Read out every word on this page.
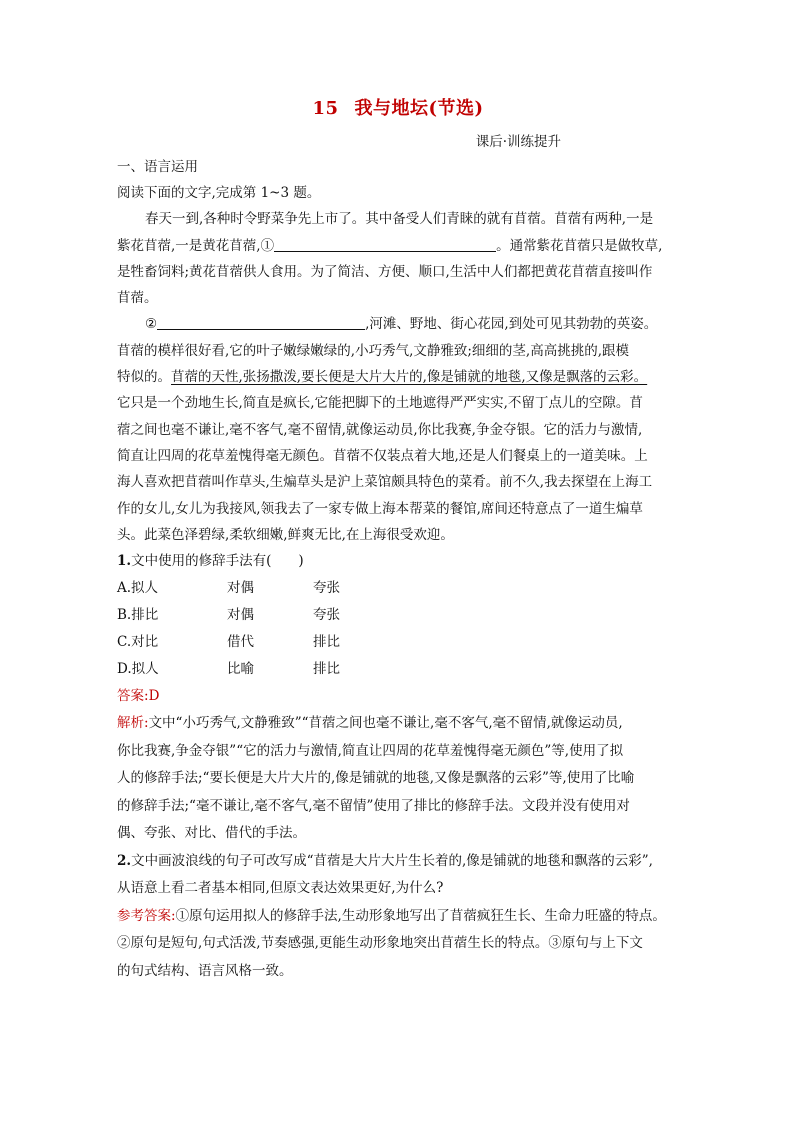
15 我与地坛(节选)
课后·训练提升
一、语言运用
阅读下面的文字,完成第 1~3 题。
春天一到,各种时令野菜争先上市了。其中备受人们青睐的就有苜蓿。苜蓿有两种,一是
紫花苜蓿,一是黄花苜蓿,①	。通常紫花苜蓿只是做牧草,
是牲畜饲料;黄花苜蓿供人食用。为了简洁、方便、顺口,生活中人们都把黄花苜蓿直接叫作
苜蓿。
②	,河滩、野地、街心花园,到处可见其勃勃的英姿。
苜蓿的模样很好看,它的叶子嫩绿嫩绿的,小巧秀气,文静雅致;细细的茎,高高挑挑的,跟模
特似的。苜蓿的天性,张扬撒泼,要长便是大片大片的,像是铺就的地毯,又像是飘落的云彩。
它只是一个劲地生长,简直是疯长,它能把脚下的土地遮得严严实实,不留丁点儿的空隙。苜
蓿之间也毫不谦让,毫不客气,毫不留情,就像运动员,你比我赛,争金夺银。它的活力与激情,
简直让四周的花草羞愧得毫无颜色。苜蓿不仅装点着大地,还是人们餐桌上的一道美味。上
海人喜欢把苜蓿叫作草头,生煸草头是沪上菜馆颇具特色的菜肴。前不久,我去探望在上海工
作的女儿,女儿为我接风,领我去了一家专做上海本帮菜的餐馆,席间还特意点了一道生煸草
头。此菜色泽碧绿,柔软细嫩,鲜爽无比,在上海很受欢迎。
1.文中使用的修辞手法有(　　)
A.拟人	对偶	夸张
B.排比	对偶	夸张
C.对比	借代	排比
D.拟人	比喻	排比
答案:D
解析:文中“小巧秀气,文静雅致”“苜蓿之间也毫不谦让,毫不客气,毫不留情,就像运动员,
你比我赛,争金夺银”“它的活力与激情,简直让四周的花草羞愧得毫无颜色”等,使用了拟
人的修辞手法;“要长便是大片大片的,像是铺就的地毯,又像是飘落的云彩”等,使用了比喻
的修辞手法;“毫不谦让,毫不客气,毫不留情”使用了排比的修辞手法。文段并没有使用对
偶、夸张、对比、借代的手法。
2.文中画波浪线的句子可改写成“苜蓿是大片大片生长着的,像是铺就的地毯和飘落的云彩”,
从语意上看二者基本相同,但原文表达效果更好,为什么?
参考答案:①原句运用拟人的修辞手法,生动形象地写出了苜蓿疯狂生长、生命力旺盛的特点。
②原句是短句,句式活泼,节奏感强,更能生动形象地突出苜蓿生长的特点。③原句与上下文
的句式结构、语言风格一致。
